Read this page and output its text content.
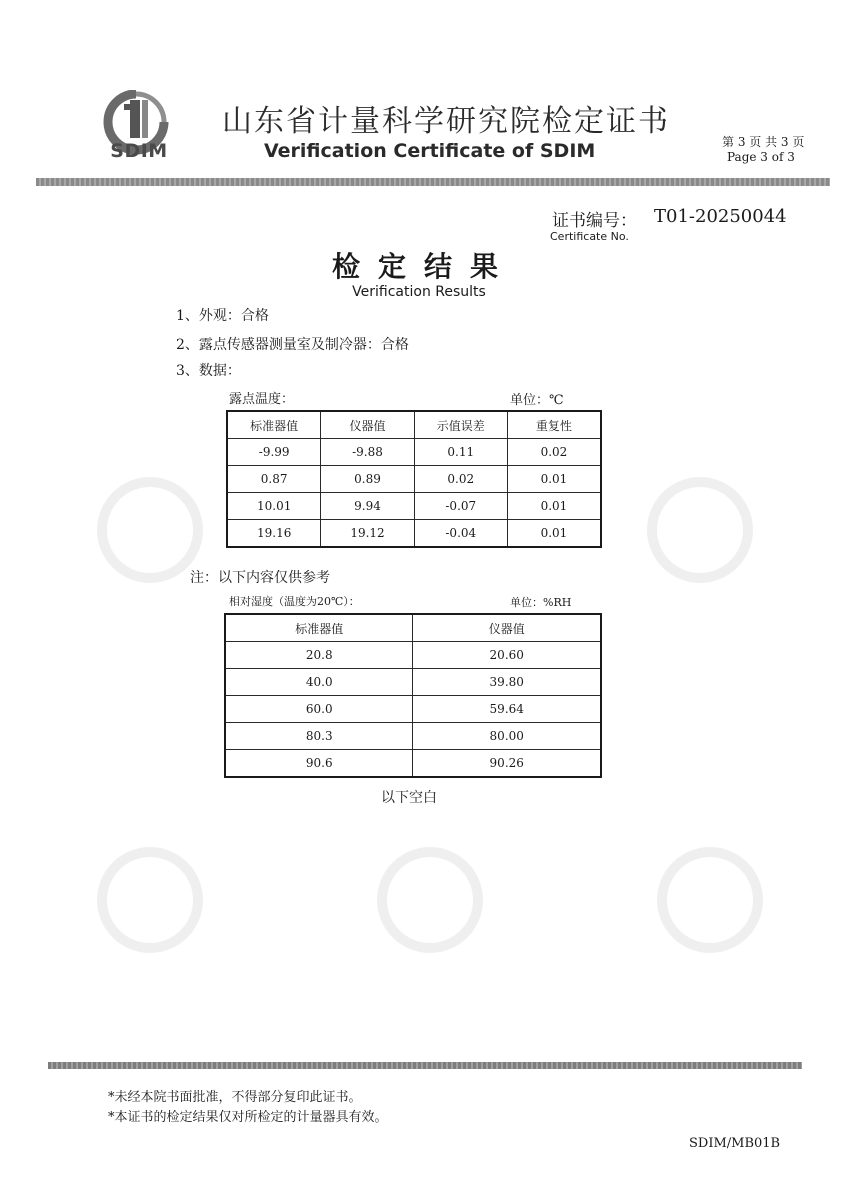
SDIM
山东省计量科学研究院检定证书
Verification Certificate of SDIM	第 3 页 共 3 页
Page 3 of 3
证书编号： T01-20250044
Certificate No.
检定结果
Verification Results
1、外观：合格
2、露点传感器测量室及制冷器：合格
3、数据：
露点温度：	单位：℃
标准器值	仪器值	示值误差	重复性
-9.99	-9.88	0.11	0.02
0.87	0.89	0.02	0.01
10.01	9.94	-0.07	0.01
19.16	19.12	-0.04	0.01
注：以下内容仅供参考
相对湿度（温度为20℃）：	单位：%RH
标准器值	仪器值
20.8	20.60
40.0	39.80
60.0	59.64
80.3	80.00
90.6	90.26
以下空白
*未经本院书面批准，不得部分复印此证书。
*本证书的检定结果仅对所检定的计量器具有效。
SDIM/MB01B
